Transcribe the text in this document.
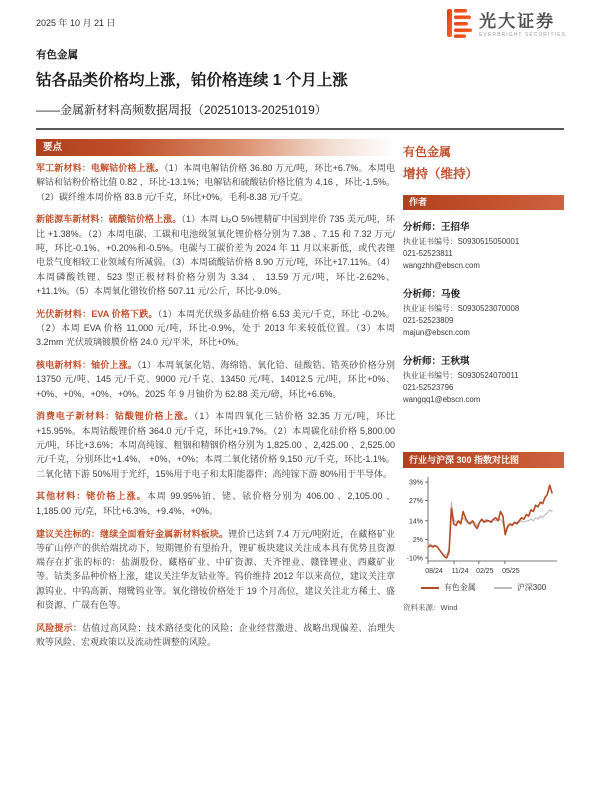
2025 年 10 月 21 日	光大证券
EVERBRIGHT SECURITIES
有色金属
钴各品类价格均上涨，铂价格连续 1 个月上涨
——金属新材料高频数据周报（20251013-20251019）
要点

军工新材料：电解钴价格上涨。（1）本周电解钴价格 36.80 万元/吨，环比+6.7%。本周电解钴和钴粉价格比值 0.82 ，环比-13.1%；电解钴和硫酸钴价格比值为 4.16 ，环比-1.5%。（2）碳纤维本周价格 83.8 元/千克，环比+0%。毛利-8.38 元/千克。

新能源车新材料：硫酸钴价格上涨。（1）本周 Li₂O 5%锂精矿中国到岸价 735 美元/吨，环比 +1.38%。（2）本周电碳、工碳和电池级氢氧化锂价格分别为 7.38 、7.15 和 7.32 万元/吨，环比-0.1%、+0.20%和-0.5%。电碳与工碳价差为 2024 年 11 月以来新低，或代表锂电景气度相较工业领域有所减弱。（3）本周硫酸钴价格 8.90 万元/吨，环比+17.11%。（4）本周磷酸铁锂、523 型正极材料价格分别为 3.34 、 13.59 万元/吨，环比-2.62%、+11.1%。（5）本周氧化镨钕价格 507.11 元/公斤，环比-9.0%。

光伏新材料：EVA 价格下跌。（1）本周光伏级多晶硅价格 6.53 美元/千克，环比 -0.2%。（2）本周 EVA 价格 11,000 元/吨，环比-0.9%，处于 2013 年来较低位置。（3）本周 3.2mm 光伏玻璃镀膜价格 24.0 元/平米，环比+0%。

核电新材料：铀价上涨。（1）本周氧氯化锆、海绵锆、氧化铪、硅酸锆、锆英砂价格分别 13750 元/吨、145 元/千克、9000 元/千克、13450 元/吨、14012.5 元/吨，环比+0%、+0%、+0%、+0%、+0%。2025 年 9 月铀价为 62.88 美元/磅，环比+6.6%。

消费电子新材料：钴酸锂价格上涨。（1）本周四氧化三钴价格 32.35 万元/吨，环比+15.95%。本周钴酸锂价格 364.0 元/千克，环比+19.7%。（2）本周碳化硅价格 5,800.00 元/吨，环比+3.6%；本周高纯镓、粗铟和精铟价格分别为 1,825.00 、2,425.00 、2,525.00 元/千克，分别环比+1.4%、 +0%、+0%；本周二氧化锗价格 9,150 元/千克，环比-1.1%。二氧化锗下游 50%用于光纤，15%用于电子和太阳能器件；高纯镓下游 80%用于半导体。

其他材料：铑价格上涨。本周 99.95%铂、铑、铱价格分别为 406.00 、2,105.00 、1,185.00 元/克，环比+6.3%、+9.4%、+0%。

建议关注标的：继续全面看好金属新材料板块。锂价已达到 7.4 万元/吨附近，在藏格矿业等矿山停产的供给端扰动下，短期锂价有望抬升，锂矿板块建议关注成本具有优势且资源端存在扩张的标的：盐湖股份、藏格矿业、中矿资源、天齐锂业、赣锋锂业、西藏矿业等。钴类多品种价格上涨，建议关注华友钴业等。钨价维持 2012 年以来高位，建议关注章源钨业、中钨高新、翔鹭钨业等。氧化镨钕价格处于 19 个月高位，建议关注北方稀土、盛和资源、广晟有色等。

风险提示：估值过高风险；技术路径变化的风险；企业经营激进、战略出现偏差、治理失败等风险、宏观政策以及流动性调整的风险。

有色金属
增持（维持）
作者
分析师：王招华
执业证书编号：S0930515050001
021-52523811
wangzhh@ebscn.com
分析师：马俊
执业证书编号：S0930523070008
021-52523809
majun@ebscn.com
分析师：王秋琪
执业证书编号：S0930524070011
021-52523796
wangqq1@ebscn.com
行业与沪深 300 指数对比图
39%
27%
14%
2%
-10%
08/24 11/24 02/25 05/25
有色金属	沪深300
资料来源：Wind
